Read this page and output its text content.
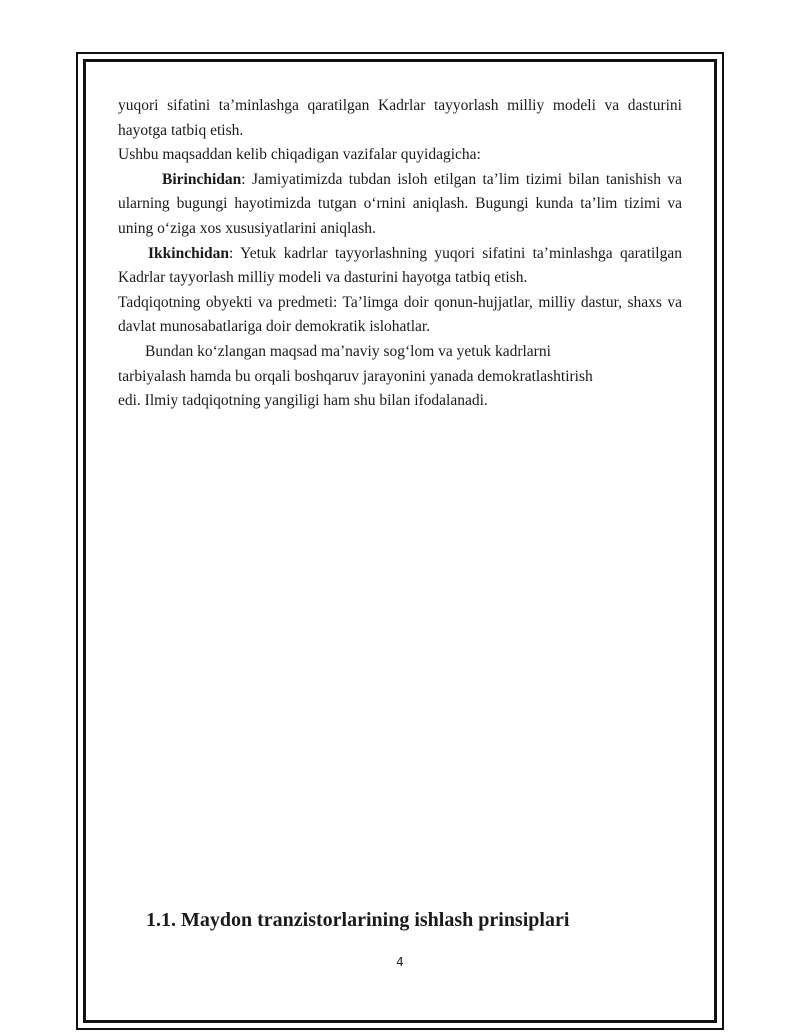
yuqori sifatini ta’minlashga qaratilgan Kadrlar tayyorlash milliy modeli va dasturini hayotga tatbiq etish.

Ushbu maqsaddan kelib chiqadigan vazifalar quyidagicha:

Birinchidan: Jamiyatimizda tubdan isloh etilgan ta’lim tizimi bilan tanishish va ularning bugungi hayotimizda tutgan o‘rnini aniqlash. Bugungi kunda ta’lim tizimi va uning o‘ziga xos xususiyatlarini aniqlash.

Ikkinchidan: Yetuk kadrlar tayyorlashning yuqori sifatini ta’minlashga qaratilgan Kadrlar tayyorlash milliy modeli va dasturini hayotga tatbiq etish.

Tadqiqotning obyekti va predmeti: Ta’limga doir qonun-hujjatlar, milliy dastur, shaxs va davlat munosabatlariga doir demokratik islohatlar.

Bundan ko‘zlangan maqsad ma’naviy sog‘lom va yetuk kadrlarni

tarbiyalash hamda bu orqali boshqaruv jarayonini yanada demokratlashtirish

edi. Ilmiy tadqiqotning yangiligi ham shu bilan ifodalanadi.

1.1. Maydon tranzistorlarining ishlash prinsiplari
4
